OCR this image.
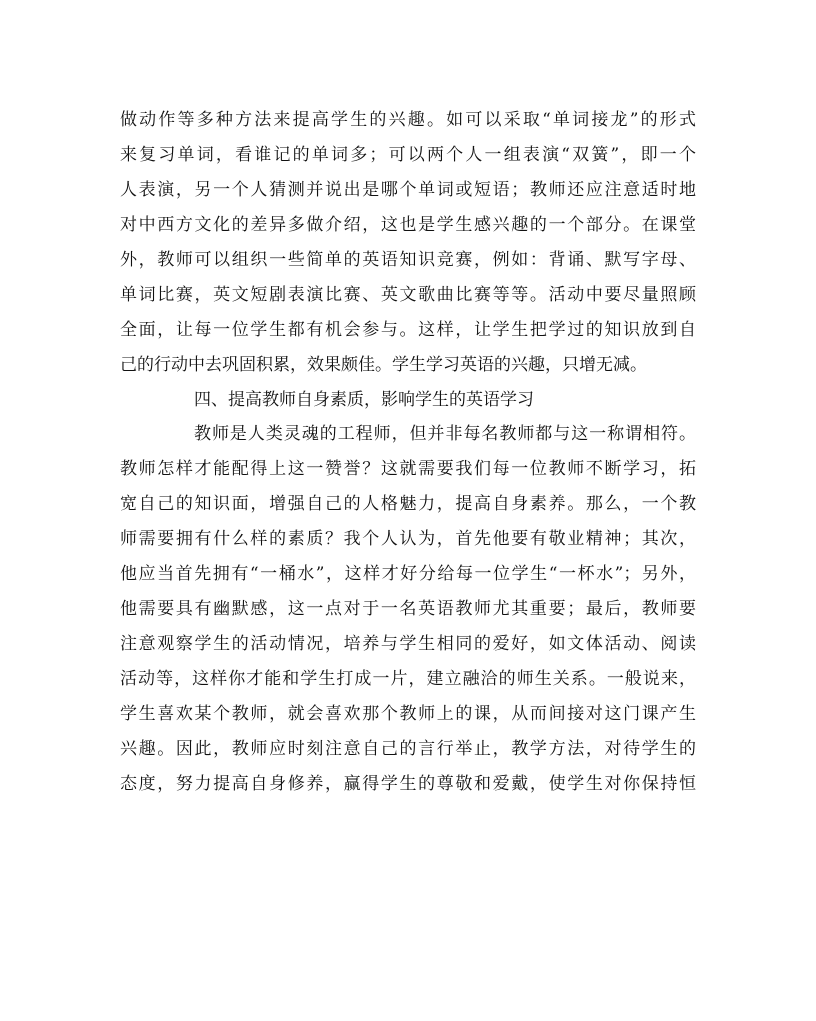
做动作等多种方法来提高学生的兴趣。如可以采取“单词接龙”的形式
来复习单词，看谁记的单词多；可以两个人一组表演“双簧”，即一个
人表演，另一个人猜测并说出是哪个单词或短语；教师还应注意适时地
对中西方文化的差异多做介绍，这也是学生感兴趣的一个部分。在课堂
外，教师可以组织一些简单的英语知识竞赛，例如：背诵、默写字母、
单词比赛，英文短剧表演比赛、英文歌曲比赛等等。活动中要尽量照顾
全面，让每一位学生都有机会参与。这样，让学生把学过的知识放到自
己的行动中去巩固积累，效果颇佳。学生学习英语的兴趣，只增无减。
四、提高教师自身素质，影响学生的英语学习
教师是人类灵魂的工程师，但并非每名教师都与这一称谓相符。
教师怎样才能配得上这一赞誉？这就需要我们每一位教师不断学习，拓
宽自己的知识面，增强自己的人格魅力，提高自身素养。那么，一个教
师需要拥有什么样的素质？我个人认为，首先他要有敬业精神；其次，
他应当首先拥有“一桶水”，这样才好分给每一位学生“一杯水”；另外，
他需要具有幽默感，这一点对于一名英语教师尤其重要；最后，教师要
注意观察学生的活动情况，培养与学生相同的爱好，如文体活动、阅读
活动等，这样你才能和学生打成一片，建立融洽的师生关系。一般说来，
学生喜欢某个教师，就会喜欢那个教师上的课，从而间接对这门课产生
兴趣。因此，教师应时刻注意自己的言行举止，教学方法，对待学生的
态度，努力提高自身修养，赢得学生的尊敬和爱戴，使学生对你保持恒
